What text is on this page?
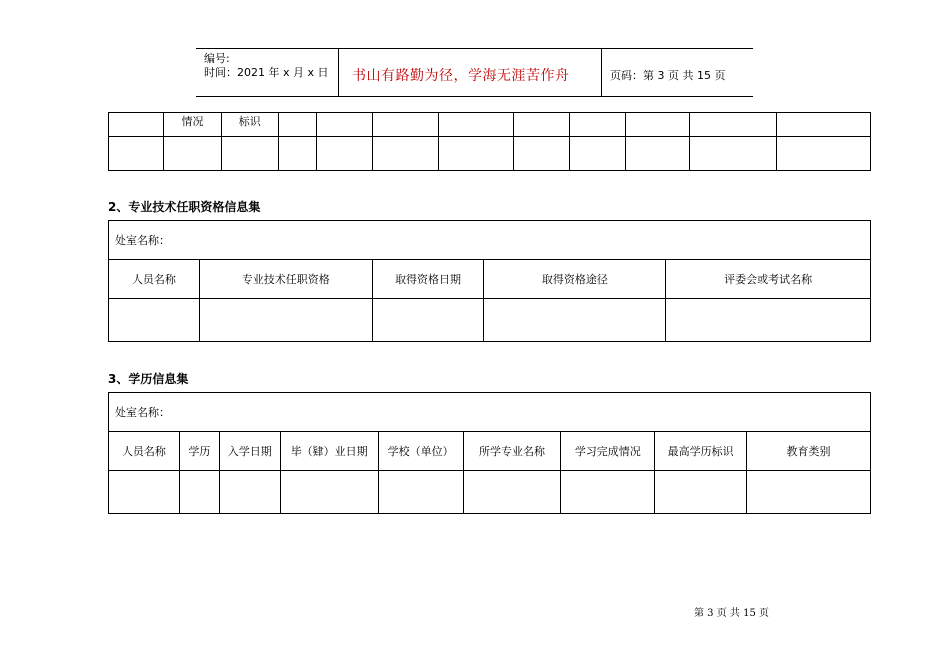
编号:
时间：2021 年 x 月 x 日 书山有路勤为径，学海无涯苦作舟	页码：第 3 页 共 15 页
	情况	标识									

2、专业技术任职资格信息集
处室名称：				
人员名称	专业技术任职资格	取得资格日期	取得资格途径	评委会或考试名称

3、学历信息集
处室名称：								
人员名称	学历	入学日期	毕（肄）业日期	学校（单位）	所学专业名称	学习完成情况	最高学历标识	教育类别

第 3 页 共 15 页
